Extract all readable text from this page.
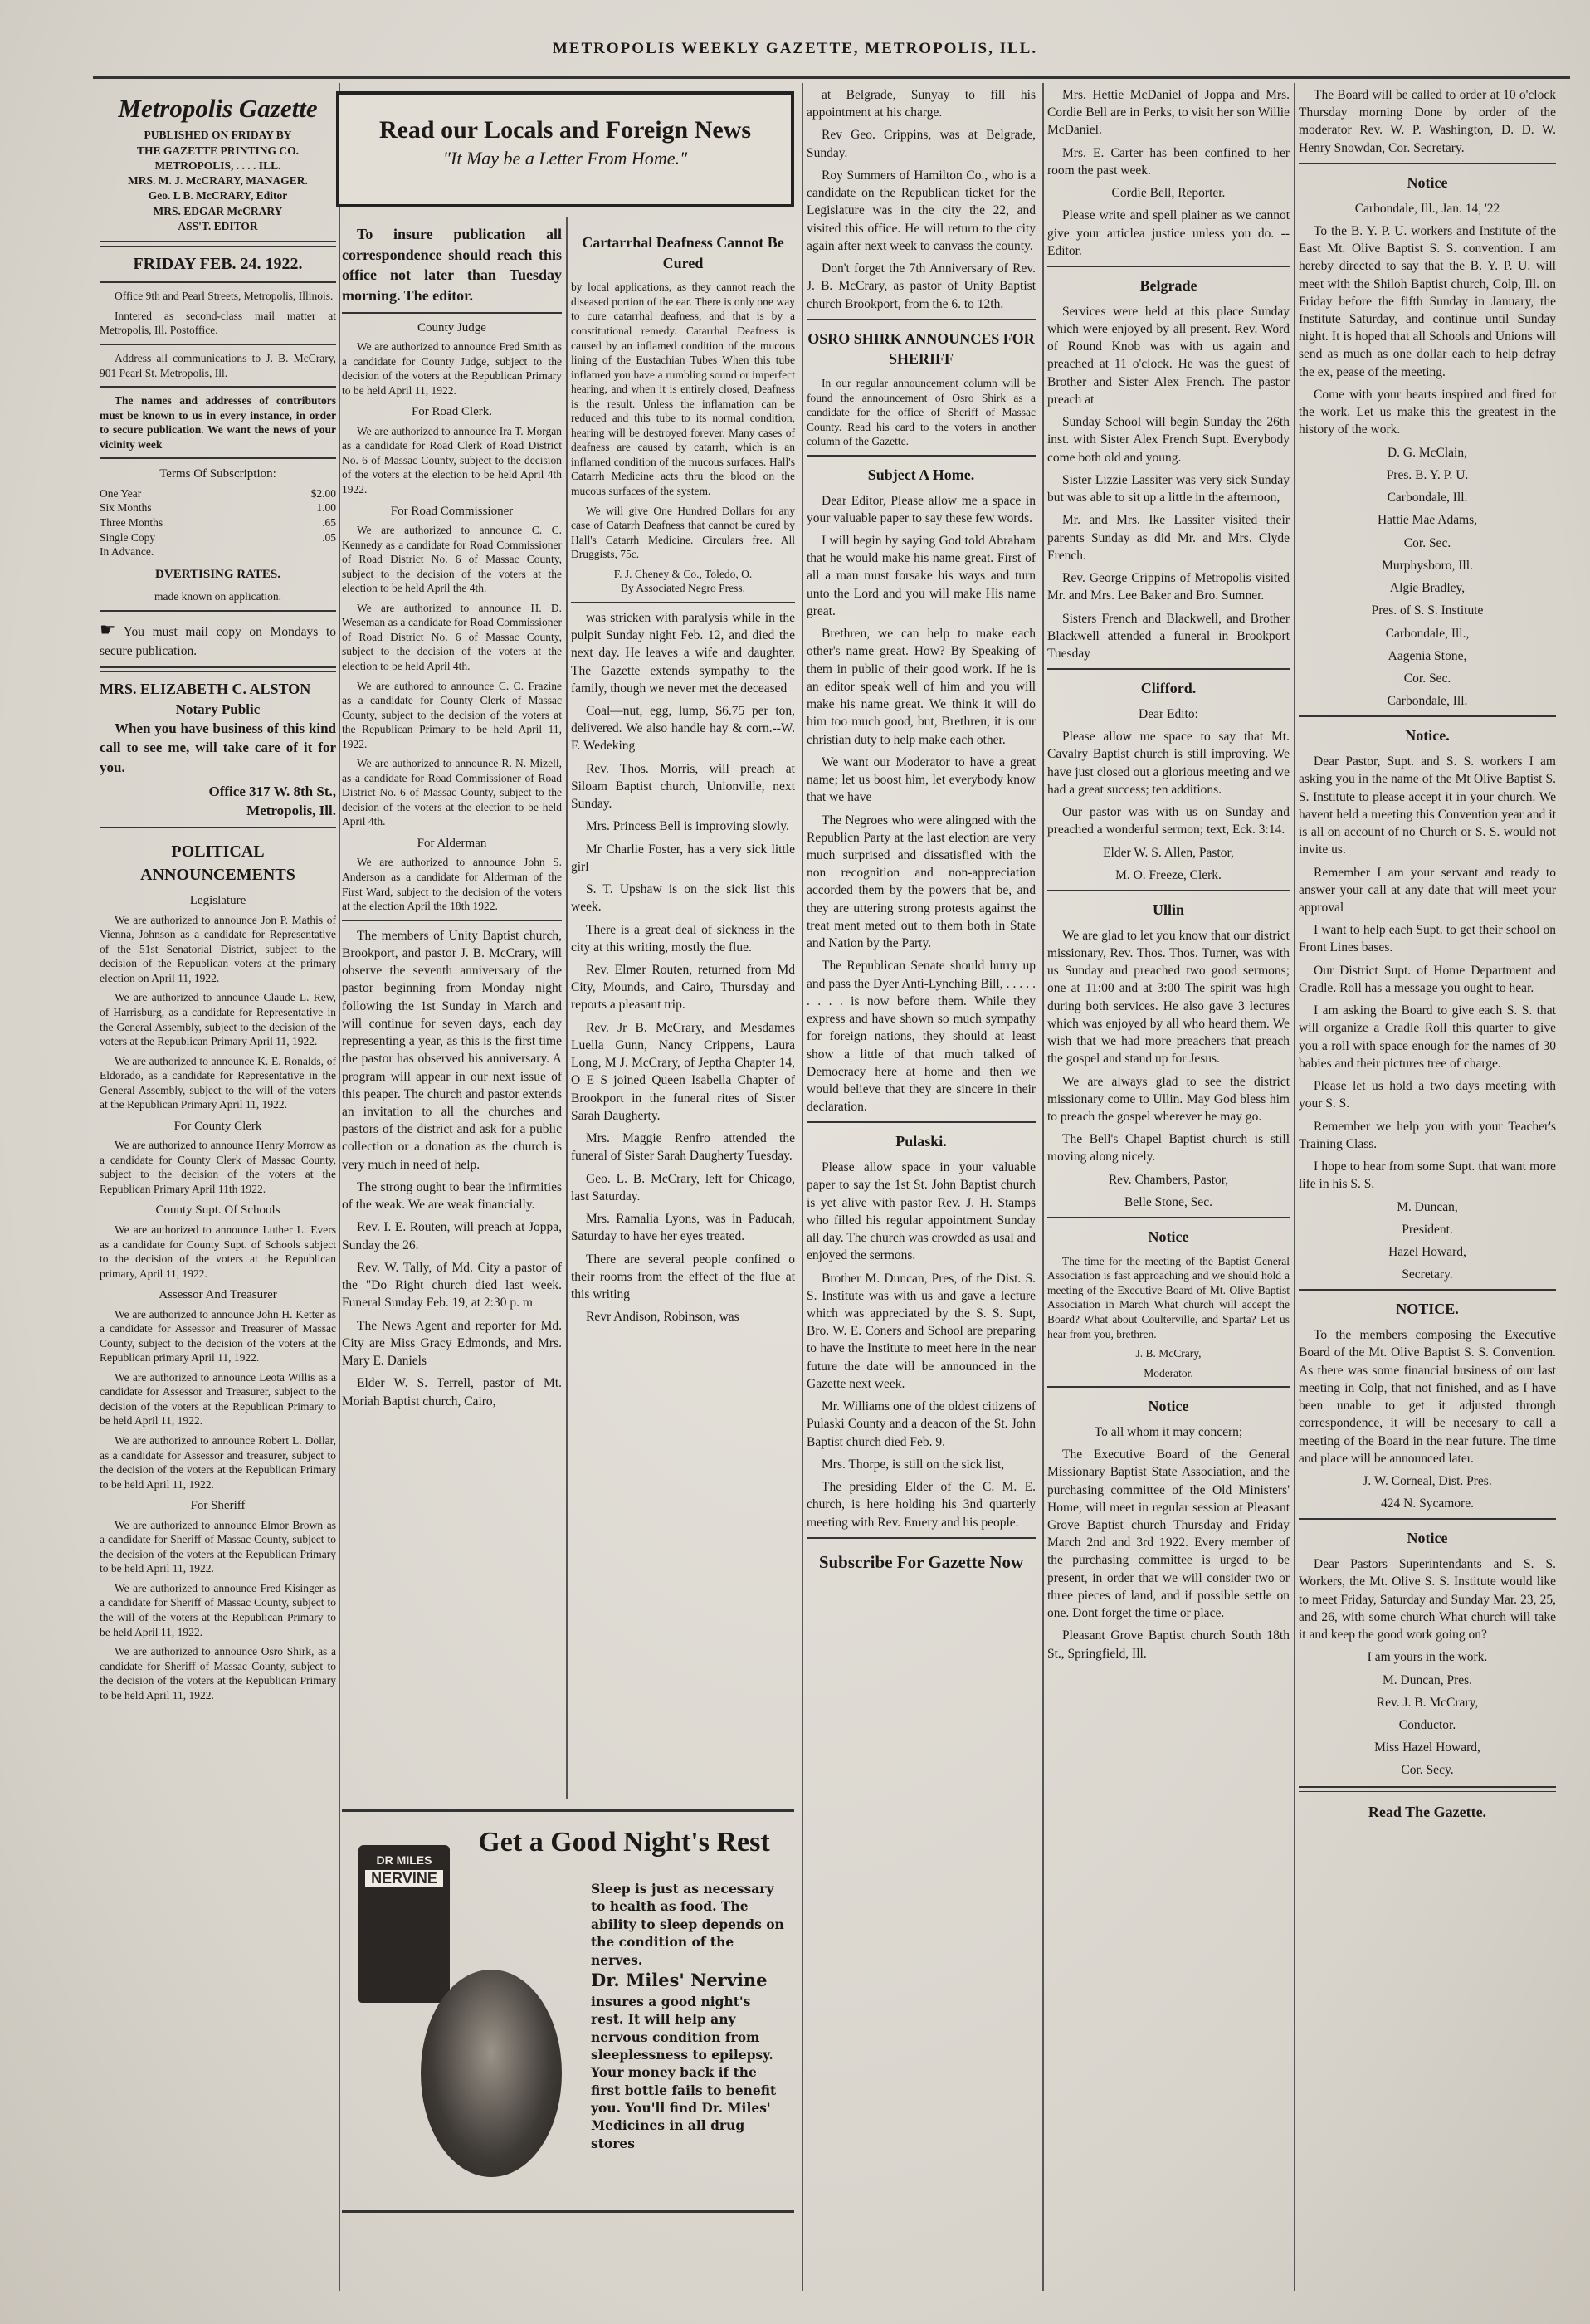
METROPOLIS WEEKLY GAZETTE, METROPOLIS, ILL.
Metropolis Gazette
PUBLISHED ON FRIDAY BY
THE GAZETTE PRINTING CO.
METROPOLIS, . . . . ILL.
MRS. M. J. McCRARY, MANAGER.
Geo. L B. McCRARY, Editor
MRS. EDGAR McCRARY
ASS'T. EDITOR
FRIDAY FEB. 24. 1922.

Office 9th and Pearl Streets, Metropolis, Illinois.

Inntered as second-class mail matter at Metropolis, Ill. Postoffice.

Address all communications to J. B. McCrary, 901 Pearl St. Metropolis, Ill.

The names and addresses of contributors must be known to us in every instance, in order to secure publication. We want the news of your vicinity week

Terms Of Subscription:
One Year	$2.00
Six Months	1.00
Three Months	.65
Single Copy	.05
In Advance.
DVERTISING RATES.
made known on application.

☛ You must mail copy on Mondays to secure publication.

MRS. ELIZABETH C. ALSTON
Notary Public

When you have business of this kind call to see me, will take care of it for you.

Office 317 W. 8th St.,
Metropolis, Ill.
POLITICAL ANNOUNCEMENTS
Legislature

We are authorized to announce Jon P. Mathis of Vienna, Johnson as a candidate for Representative of the 51st Senatorial District, subject to the decision of the Republican voters at the primary election on April 11, 1922.

We are authorized to announce Claude L. Rew, of Harrisburg, as a candidate for Representative in the General Assembly, subject to the decision of the voters at the Republican Primary April 11, 1922.

We are authorized to announce K. E. Ronalds, of Eldorado, as a candidate for Representative in the General Assembly, subject to the will of the voters at the Republican Primary April 11, 1922.

For County Clerk

We are authorized to announce Henry Morrow as a candidate for County Clerk of Massac County, subject to the decision of the voters at the Republican Primary April 11th 1922.

County Supt. Of Schools

We are authorized to announce Luther L. Evers as a candidate for County Supt. of Schools subject to the decision of the voters at the Republican primary, April 11, 1922.

Assessor And Treasurer

We are authorized to announce John H. Ketter as a candidate for Assessor and Treasurer of Massac County, subject to the decision of the voters at the Republican primary April 11, 1922.

We are authorized to announce Leota Willis as a candidate for Assessor and Treasurer, subject to the decision of the voters at the Republican Primary to be held April 11, 1922.

We are authorized to announce Robert L. Dollar, as a candidate for Assessor and treasurer, subject to the decision of the voters at the Republican Primary to be held April 11, 1922.

For Sheriff

We are authorized to announce Elmor Brown as a candidate for Sheriff of Massac County, subject to the decision of the voters at the Republican Primary to be held April 11, 1922.

We are authorized to announce Fred Kisinger as a candidate for Sheriff of Massac County, subject to the will of the voters at the Republican Primary to be held April 11, 1922.

We are authorized to announce Osro Shirk, as a candidate for Sheriff of Massac County, subject to the decision of the voters at the Republican Primary to be held April 11, 1922.

Read our Locals and Foreign News
"It May be a Letter From Home."

To insure publication all correspondence should reach this office not later than Tuesday morning. The editor.

County Judge

We are authorized to announce Fred Smith as a candidate for County Judge, subject to the decision of the voters at the Republican Primary to be held April 11, 1922.

For Road Clerk.

We are authorized to announce Ira T. Morgan as a candidate for Road Clerk of Road District No. 6 of Massac County, subject to the decision of the voters at the election to be held April 4th 1922.

For Road Commissioner

We are authorized to announce C. C. Kennedy as a candidate for Road Commissioner of Road District No. 6 of Massac County, subject to the decision of the voters at the election to be held April the 4th.

We are authorized to announce H. D. Weseman as a candidate for Road Commissioner of Road District No. 6 of Massac County, subject to the decision of the voters at the election to be held April 4th.

We are authored to announce C. C. Frazine as a candidate for County Clerk of Massac County, subject to the decision of the voters at the Republican Primary to be held April 11, 1922.

We are authorized to announce R. N. Mizell, as a candidate for Road Commissioner of Road District No. 6 of Massac County, subject to the decision of the voters at the election to be held April 4th.

For Alderman

We are authorized to announce John S. Anderson as a candidate for Alderman of the First Ward, subject to the decision of the voters at the election April the 18th 1922.

The members of Unity Baptist church, Brookport, and pastor J. B. McCrary, will observe the seventh anniversary of the pastor beginning from Monday night following the 1st Sunday in March and will continue for seven days, each day representing a year, as this is the first time the pastor has observed his anniversary. A program will appear in our next issue of this peaper. The church and pastor extends an invitation to all the churches and pastors of the district and ask for a public collection or a donation as the church is very much in need of help.

The strong ought to bear the infirmities of the weak. We are weak financially.

Rev. I. E. Routen, will preach at Joppa, Sunday the 26.

Rev. W. Tally, of Md. City a pastor of the "Do Right church died last week. Funeral Sunday Feb. 19, at 2:30 p. m

The News Agent and reporter for Md. City are Miss Gracy Edmonds, and Mrs. Mary E. Daniels

Elder W. S. Terrell, pastor of Mt. Moriah Baptist church, Cairo,

Cartarrhal Deafness Cannot Be Cured

by local applications, as they cannot reach the diseased portion of the ear. There is only one way to cure catarrhal deafness, and that is by a constitutional remedy. Catarrhal Deafness is caused by an inflamed condition of the mucous lining of the Eustachian Tubes When this tube inflamed you have a rumbling sound or imperfect hearing, and when it is entirely closed, Deafness is the result. Unless the inflamation can be reduced and this tube to its normal condition, hearing will be destroyed forever. Many cases of deafness are caused by catarrh, which is an inflamed condition of the mucous surfaces. Hall's Catarrh Medicine acts thru the blood on the mucous surfaces of the system.

We will give One Hundred Dollars for any case of Catarrh Deafness that cannot be cured by Hall's Catarrh Medicine. Circulars free. All Druggists, 75c.

F. J. Cheney & Co., Toledo, O.
By Associated Negro Press.

was stricken with paralysis while in the pulpit Sunday night Feb. 12, and died the next day. He leaves a wife and daughter. The Gazette extends sympathy to the family, though we never met the deceased

Coal—nut, egg, lump, $6.75 per ton, delivered. We also handle hay & corn.--W. F. Wedeking

Rev. Thos. Morris, will preach at Siloam Baptist church, Unionville, next Sunday.

Mrs. Princess Bell is improving slowly.

Mr Charlie Foster, has a very sick little girl

S. T. Upshaw is on the sick list this week.

There is a great deal of sickness in the city at this writing, mostly the flue.

Rev. Elmer Routen, returned from Md City, Mounds, and Cairo, Thursday and reports a pleasant trip.

Rev. Jr B. McCrary, and Mesdames Luella Gunn, Nancy Crippens, Laura Long, M J. McCrary, of Jeptha Chapter 14, O E S joined Queen Isabella Chapter of Brookport in the funeral rites of Sister Sarah Daugherty.

Mrs. Maggie Renfro attended the funeral of Sister Sarah Daugherty Tuesday.

Geo. L. B. McCrary, left for Chicago, last Saturday.

Mrs. Ramalia Lyons, was in Paducah, Saturday to have her eyes treated.

There are several people confined o their rooms from the effect of the flue at this writing

Revr Andison, Robinson, was

DR MILES
NERVINE
Get a Good Night's Rest
Sleep is just as necessary to health as food. The ability to sleep depends on the condition of the nerves.
Dr. Miles' Nervine
insures a good night's rest. It will help any nervous condition from sleeplessness to epilepsy. Your money back if the first bottle fails to benefit you. You'll find Dr. Miles' Medicines in all drug stores

at Belgrade, Sunyay to fill his appointment at his charge.

Rev Geo. Crippins, was at Belgrade, Sunday.

Roy Summers of Hamilton Co., who is a candidate on the Republican ticket for the Legislature was in the city the 22, and visited this office. He will return to the city again after next week to canvass the county.

Don't forget the 7th Anniversary of Rev. J. B. McCrary, as pastor of Unity Baptist church Brookport, from the 6. to 12th.

OSRO SHIRK ANNOUNCES FOR SHERIFF

In our regular announcement column will be found the announcement of Osro Shirk as a candidate for the office of Sheriff of Massac County. Read his card to the voters in another column of the Gazette.

Subject A Home.

Dear Editor, Please allow me a space in your valuable paper to say these few words.

I will begin by saying God told Abraham that he would make his name great. First of all a man must forsake his ways and turn unto the Lord and you will make His name great.

Brethren, we can help to make each other's name great. How? By Speaking of them in public of their good work. If he is an editor speak well of him and you will make his name great. We think it will do him too much good, but, Brethren, it is our christian duty to help make each other.

We want our Moderator to have a great name; let us boost him, let everybody know that we have

The Negroes who were alingned with the Republicn Party at the last election are very much surprised and dissatisfied with the non recognition and non-appreciation accorded them by the powers that be, and they are uttering strong protests against the treat ment meted out to them both in State and Nation by the Party.

The Republican Senate should hurry up and pass the Dyer Anti-Lynching Bill, . . . . . . . . . is now before them. While they express and have shown so much sympathy for foreign nations, they should at least show a little of that much talked of Democracy here at home and then we would believe that they are sincere in their declaration.

Pulaski.

Please allow space in your valuable paper to say the 1st St. John Baptist church is yet alive with pastor Rev. J. H. Stamps who filled his regular appointment Sunday all day. The church was crowded as usal and enjoyed the sermons.

Brother M. Duncan, Pres, of the Dist. S. S. Institute was with us and gave a lecture which was appreciated by the S. S. Supt, Bro. W. E. Coners and School are preparing to have the Institute to meet here in the near future the date will be announced in the Gazette next week.

Mr. Williams one of the oldest citizens of Pulaski County and a deacon of the St. John Baptist church died Feb. 9.

Mrs. Thorpe, is still on the sick list,

The presiding Elder of the C. M. E. church, is here holding his 3nd quarterly meeting with Rev. Emery and his people.

Subscribe For Gazette Now

Mrs. Hettie McDaniel of Joppa and Mrs. Cordie Bell are in Perks, to visit her son Willie McDaniel.

Mrs. E. Carter has been confined to her room the past week.

Cordie Bell, Reporter.

Please write and spell plainer as we cannot give your articlea justice unless you do. --Editor.

Belgrade

Services were held at this place Sunday which were enjoyed by all present. Rev. Word of Round Knob was with us again and preached at 11 o'clock. He was the guest of Brother and Sister Alex French. The pastor preach at

Sunday School will begin Sunday the 26th inst. with Sister Alex French Supt. Everybody come both old and young.

Sister Lizzie Lassiter was very sick Sunday but was able to sit up a little in the afternoon,

Mr. and Mrs. Ike Lassiter visited their parents Sunday as did Mr. and Mrs. Clyde French.

Rev. George Crippins of Metropolis visited Mr. and Mrs. Lee Baker and Bro. Sumner.

Sisters French and Blackwell, and Brother Blackwell attended a funeral in Brookport Tuesday

Clifford.

Dear Edito:

Please allow me space to say that Mt. Cavalry Baptist church is still improving. We have just closed out a glorious meeting and we had a great success; ten additions.

Our pastor was with us on Sunday and preached a wonderful sermon; text, Eck. 3:14.

Elder W. S. Allen, Pastor,

M. O. Freeze, Clerk.

Ullin

We are glad to let you know that our district missionary, Rev. Thos. Thos. Turner, was with us Sunday and preached two good sermons; one at 11:00 and at 3:00 The spirit was high during both services. He also gave 3 lectures which was enjoyed by all who heard them. We wish that we had more preachers that preach the gospel and stand up for Jesus.

We are always glad to see the district missionary come to Ullin. May God bless him to preach the gospel wherever he may go.

The Bell's Chapel Baptist church is still moving along nicely.

Rev. Chambers, Pastor,

Belle Stone, Sec.

Notice

The time for the meeting of the Baptist General Association is fast approaching and we should hold a meeting of the Executive Board of Mt. Olive Baptist Association in March What church will accept the Board? What about Coulterville, and Sparta? Let us hear from you, brethren.

J. B. McCrary,

Moderator.

Notice

To all whom it may concern;

The Executive Board of the General Missionary Baptist State Association, and the purchasing committee of the Old Ministers' Home, will meet in regular session at Pleasant Grove Baptist church Thursday and Friday March 2nd and 3rd 1922. Every member of the purchasing committee is urged to be present, in order that we will consider two or three pieces of land, and if possible settle on one. Dont forget the time or place.

Pleasant Grove Baptist church South 18th St., Springfield, Ill.

The Board will be called to order at 10 o'clock Thursday morning Done by order of the moderator Rev. W. P. Washington, D. D. W. Henry Snowdan, Cor. Secretary.

Notice

Carbondale, Ill., Jan. 14, '22

To the B. Y. P. U. workers and Institute of the East Mt. Olive Baptist S. S. convention. I am hereby directed to say that the B. Y. P. U. will meet with the Shiloh Baptist church, Colp, Ill. on Friday before the fifth Sunday in January, the Institute Saturday, and continue until Sunday night. It is hoped that all Schools and Unions will send as much as one dollar each to help defray the ex, pease of the meeting.

Come with your hearts inspired and fired for the work. Let us make this the greatest in the history of the work.

D. G. McClain,

Pres. B. Y. P. U.

Carbondale, Ill.

Hattie Mae Adams,

Cor. Sec.

Murphysboro, Ill.

Algie Bradley,

Pres. of S. S. Institute

Carbondale, Ill.,

Aagenia Stone,

Cor. Sec.

Carbondale, Ill.

Notice.

Dear Pastor, Supt. and S. S. workers I am asking you in the name of the Mt Olive Baptist S. S. Institute to please accept it in your church. We havent held a meeting this Convention year and it is all on account of no Church or S. S. would not invite us.

Remember I am your servant and ready to answer your call at any date that will meet your approval

I want to help each Supt. to get their school on Front Lines bases.

Our District Supt. of Home Department and Cradle. Roll has a message you ought to hear.

I am asking the Board to give each S. S. that will organize a Cradle Roll this quarter to give you a roll with space enough for the names of 30 babies and their pictures tree of charge.

Please let us hold a two days meeting with your S. S.

Remember we help you with your Teacher's Training Class.

I hope to hear from some Supt. that want more life in his S. S.

M. Duncan,

President.

Hazel Howard,

Secretary.

NOTICE.

To the members composing the Executive Board of the Mt. Olive Baptist S. S. Convention. As there was some financial business of our last meeting in Colp, that not finished, and as I have been unable to get it adjusted through correspondence, it will be necesary to call a meeting of the Board in the near future. The time and place will be announced later.

J. W. Corneal, Dist. Pres.

424 N. Sycamore.

Notice

Dear Pastors Superintendants and S. S. Workers, the Mt. Olive S. S. Institute would like to meet Friday, Saturday and Sunday Mar. 23, 25, and 26, with some church What church will take it and keep the good work going on?

I am yours in the work.

M. Duncan, Pres.

Rev. J. B. McCrary,

Conductor.

Miss Hazel Howard,

Cor. Secy.

Read The Gazette.
